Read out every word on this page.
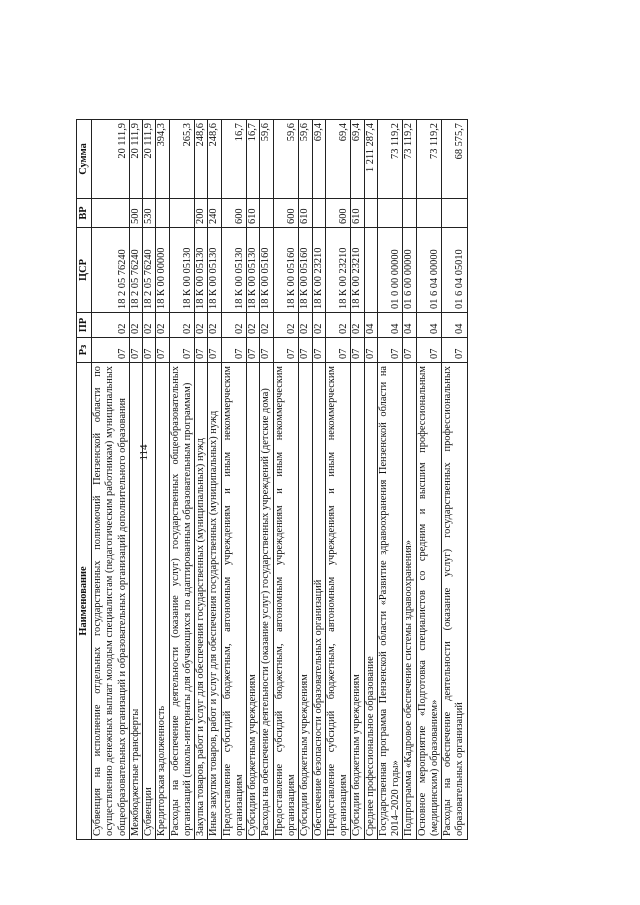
114
Наименование	Рз	ПР	ЦСР	ВР	Сумма
Субвенция на исполнение отдельных государственных полномочий Пензенской области по осуществлению денежных выплат молодым специалистам (педагогическим работникам) муниципальных общеобразовательных организаций и образовательных организаций дополнительного образования	07	02	18 2 05 76240		20 111,9
Межбюджетные трансферты	07	02	18 2 05 76240	500	20 111,9
Субвенции	07	02	18 2 05 76240	530	20 111,9
Кредиторская задолженность	07	02	18 К 00 00000		394,3
Расходы на обеспечение деятельности (оказание услуг) государственных общеобразовательных организаций (школы-интернаты для обучающихся по адаптированным образовательным программам)	07	02	18 К 00 05130		265,3
Закупка товаров, работ и услуг для обеспечения государственных (муниципальных) нужд	07	02	18 К 00 05130	200	248,6
Иные закупки товаров, работ и услуг для обеспечения государственных (муниципальных) нужд	07	02	18 К 00 05130	240	248,6
Предоставление субсидий бюджетным, автономным учреждениям и иным некоммерческим организациям	07	02	18 К 00 05130	600	16,7
Субсидии бюджетным учреждениям	07	02	18 К 00 05130	610	16,7
Расходы на обеспечение деятельности (оказание услуг) государственных учреждений (детские дома)	07	02	18 К 00 05160		59,6
Предоставление субсидий бюджетным, автономным учреждениям и иным некоммерческим организациям	07	02	18 К 00 05160	600	59,6
Субсидии бюджетным учреждениям	07	02	18 К 00 05160	610	59,6
Обеспечение безопасности образовательных организаций	07	02	18 К 00 23210		69,4
Предоставление субсидий бюджетным, автономным учреждениям и иным некоммерческим организациям	07	02	18 К 00 23210	600	69,4
Субсидии бюджетным учреждениям	07	02	18 К 00 23210	610	69,4
Среднее профессиональное образование	07	04			1 211 287,4
Государственная программа Пензенской области «Развитие здравоохранения Пензенской области на 2014–2020 годы»	07	04	01 0 00 00000		73 119,2
Подпрограмма «Кадровое обеспечение системы здравоохранения»	07	04	01 6 00 00000		73 119,2
Основное мероприятие «Подготовка специалистов со средним и высшим профессиональным (медицинским) образованием»	07	04	01 6 04 00000		73 119,2
Расходы на обеспечение деятельности (оказание услуг) государственных профессиональных образовательных организаций	07	04	01 6 04 05010		68 575,7
